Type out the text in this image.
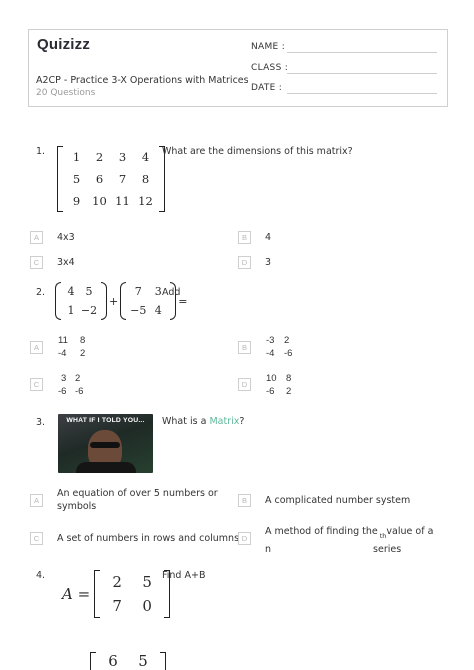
Quizizz
A2CP - Practice 3-X Operations with Matrices
20 Questions
NAME :
CLASS :
DATE :
1.	1	2	3	4
5	6	7	8
9	10 11 12
What are the dimensions of this matrix?
A	4x3	B	4
C	3x4	D	3
2.	4	5
1 −2
+
7	3
−5 4
=
Add
A
11	8
-4	2
B
-3	2
-4	-6
C
3 2
-6 -6
D
10 8
-6	2
3.	WHAT IF I TOLD YOU...	What is a Matrix?
A
An equation of over 5 numbers or symbols
B	A complicated number system
C	A set of numbers in rows and columns D
A method of finding the $_{th}$value of a
n	series
4.
A =
2	5
7	0
Find A+B
6	5
